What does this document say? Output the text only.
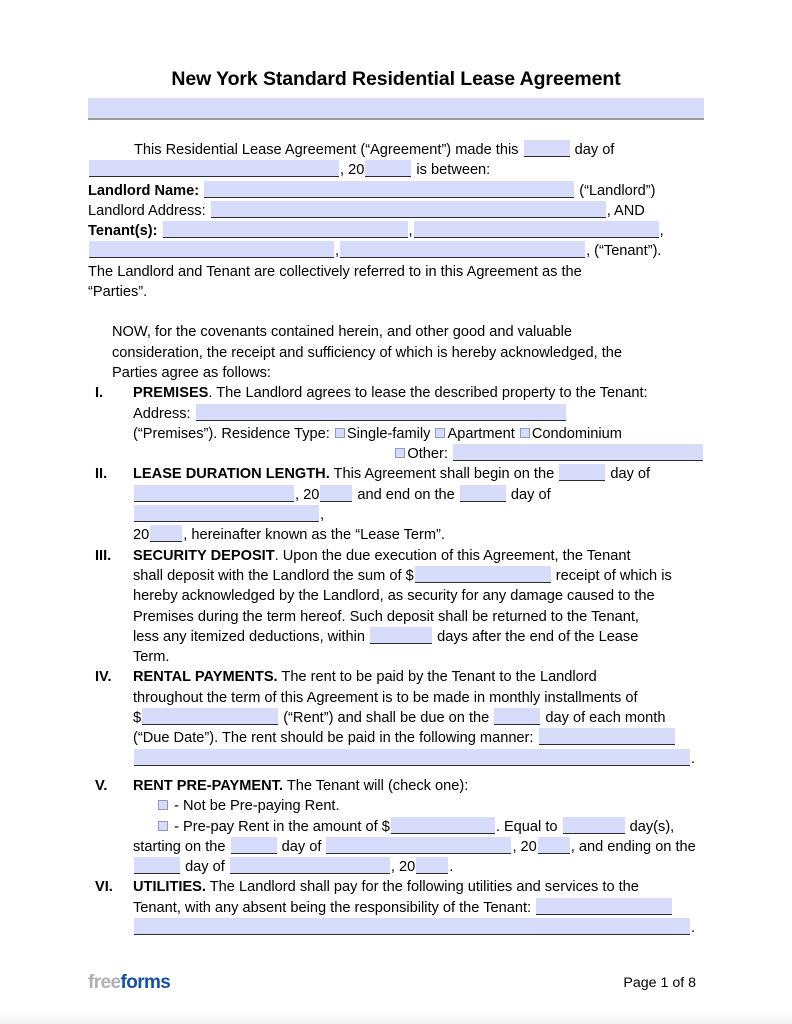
New York Standard Residential Lease Agreement
This Residential Lease Agreement (“Agreement”) made this	day of
, 20	is between:
Landlord Name:	(“Landlord”)
Landlord Address:	, AND
Tenant(s):	,	,
,	, (“Tenant”).
The Landlord and Tenant are collectively referred to in this Agreement as the
“Parties”.
NOW, for the covenants contained herein, and other good and valuable
consideration, the receipt and sufficiency of which is hereby acknowledged, the
Parties agree as follows:
I. PREMISES. The Landlord agrees to lease the described property to the Tenant:
Address:
(“Premises”). Residence Type: Single-family Apartment Condominium
Other:
II. LEASE DURATION LENGTH. This Agreement shall begin on the	day of
, 20	and end on the	day of ,
20 , hereinafter known as the “Lease Term”.
III. SECURITY DEPOSIT. Upon the due execution of this Agreement, the Tenant
shall deposit with the Landlord the sum of $	receipt of which is
hereby acknowledged by the Landlord, as security for any damage caused to the
Premises during the term hereof. Such deposit shall be returned to the Tenant,
less any itemized deductions, within	days after the end of the Lease
Term.
IV. RENTAL PAYMENTS. The rent to be paid by the Tenant to the Landlord
throughout the term of this Agreement is to be made in monthly installments of
$	(“Rent”) and shall be due on the	day of each month
(“Due Date”). The rent should be paid in the following manner:
.
V. RENT PRE-PAYMENT. The Tenant will (check one):
- Not be Pre-paying Rent.
- Pre-pay Rent in the amount of $	. Equal to	day(s),
starting on the	day of	, 20 , and ending on the
day of	, 20 .
VI. UTILITIES. The Landlord shall pay for the following utilities and services to the
Tenant, with any absent being the responsibility of the Tenant:
.
freeforms	Page 1 of 8
